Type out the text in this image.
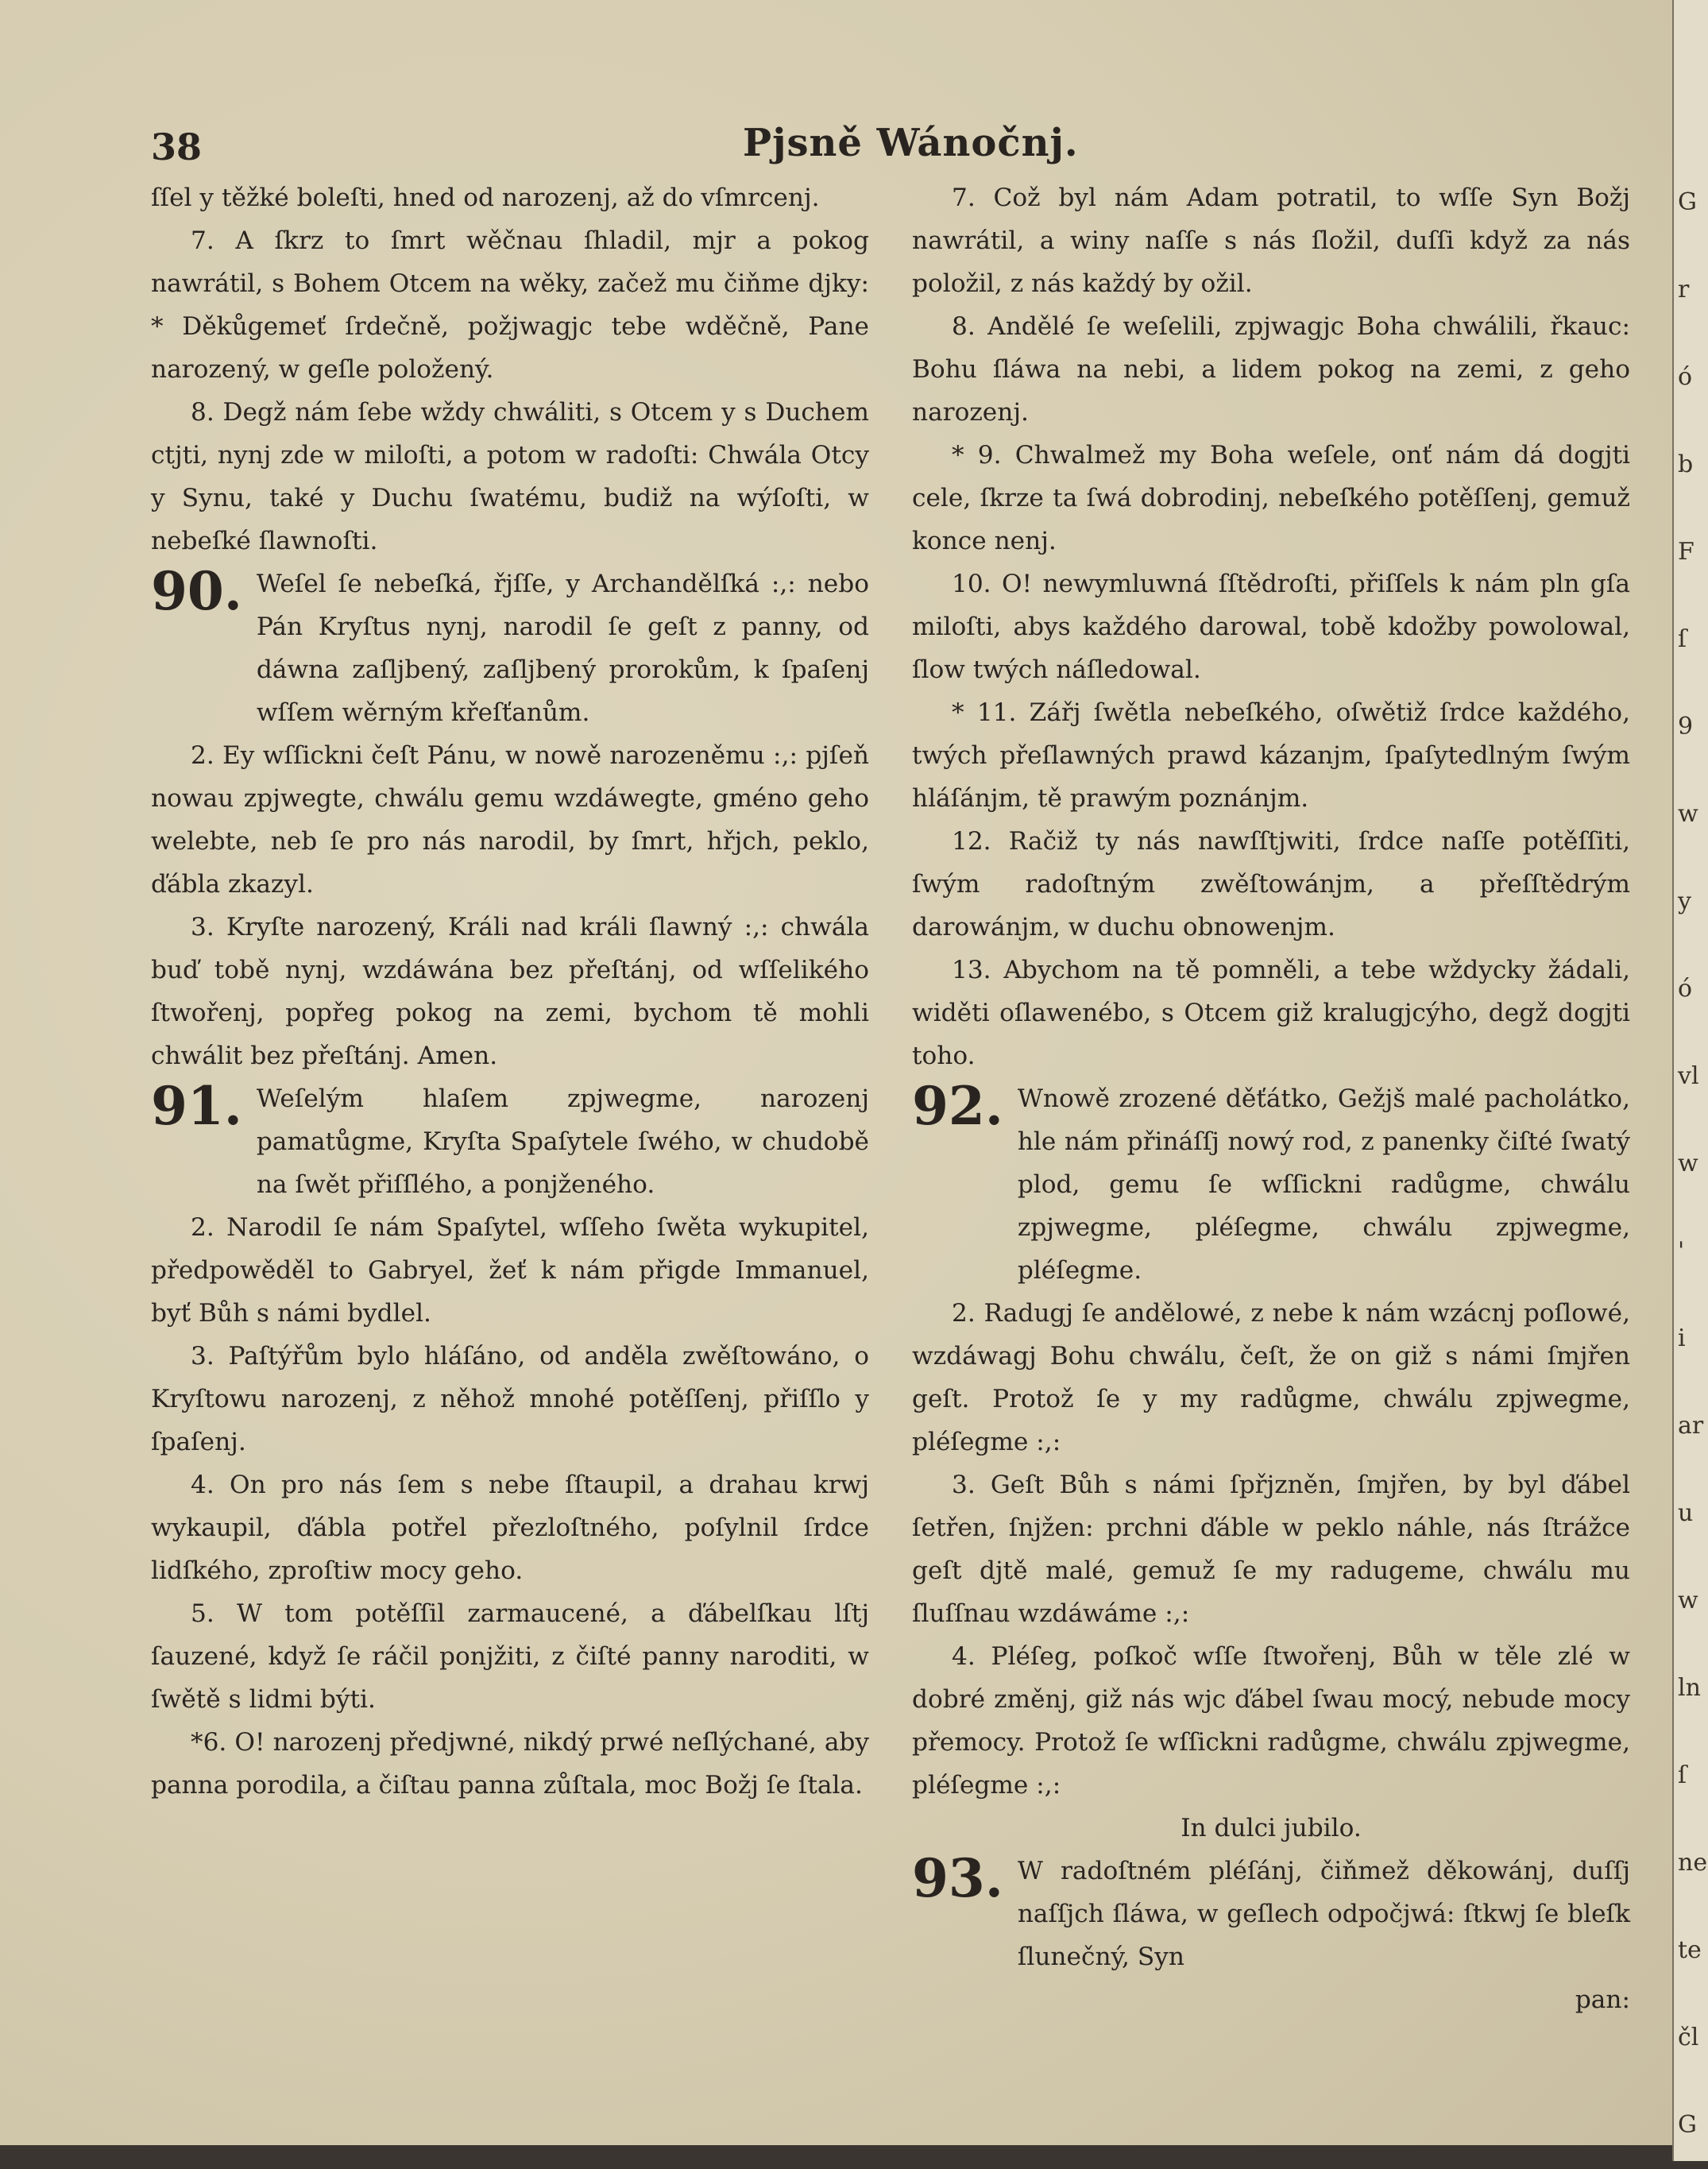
38	Pjsně Wánočnj.

ſſel y těžké boleſti, hned od narozenj, až do vſmrcenj.

7. A ſkrz to ſmrt wěčnau ſhladil, mjr a pokog nawrátil, s Bohem Otcem na wěky, začež mu čiňme djky: * Děkůgemeť ſrdečně, požjwagjc tebe wděčně, Pane narozený, w geſle položený.

8. Degž nám ſebe wždy chwáliti, s Otcem y s Duchem ctjti, nynj zde w miloſti, a potom w radoſti: Chwála Otcy y Synu, také y Duchu ſwatému, budiž na wýſoſti, w nebeſké ſlawnoſti.

90. Weſel ſe nebeſká, řjſſe, y Archandělſká :,: nebo Pán Kryſtus nynj, narodil ſe geſt z panny, od dáwna zaſljbený, zaſljbený prorokům, k ſpaſenj wſſem wěrným křeſťanům.

2. Ey wſſickni čeſt Pánu, w nowě narozeněmu :,: pjſeň nowau zpjwegte, chwálu gemu wzdáwegte, gméno geho welebte, neb ſe pro nás narodil, by ſmrt, hřjch, peklo, ďábla zkazyl.

3. Kryſte narozený, Králi nad králi ſlawný :,: chwála buď tobě nynj, wzdáwána bez přeſtánj, od wſſelikého ſtwořenj, popřeg pokog na zemi, bychom tě mohli chwálit bez přeſtánj. Amen.

91. Weſelým hlaſem zpjwegme, narozenj pamatůgme, Kryſta Spaſytele ſwého, w chudobě na ſwět přiſſlého, a ponjženého.

2. Narodil ſe nám Spaſytel, wſſeho ſwěta wykupitel, předpowěděl to Gabryel, žeť k nám přigde Immanuel, byť Bůh s námi bydlel.

3. Paſtýřům bylo hláſáno, od anděla zwěſtowáno, o Kryſtowu narozenj, z něhož mnohé potěſſenj, přiſſlo y ſpaſenj.

4. On pro nás ſem s nebe ſſtaupil, a drahau krwj wykaupil, ďábla potřel přezloſtného, poſylnil ſrdce lidſkého, zproſtiw mocy geho.

5. W tom potěſſil zarmaucené, a ďábelſkau lſtj ſauzené, když ſe ráčil ponjžiti, z čiſté panny naroditi, w ſwětě s lidmi býti.

*6. O! narozenj předjwné, nikdý prwé neſlýchané, aby panna porodila, a čiſtau panna zůſtala, moc Božj ſe ſtala.

7. Což byl nám Adam potratil, to wſſe Syn Božj nawrátil, a winy naſſe s nás ſložil, duſſi když za nás položil, z nás každý by ožil.

8. Andělé ſe weſelili, zpjwagjc Boha chwálili, řkauc: Bohu ſláwa na nebi, a lidem pokog na zemi, z geho narozenj.

* 9. Chwalmež my Boha weſele, onť nám dá dogjti cele, ſkrze ta ſwá dobrodinj, nebeſkého potěſſenj, gemuž konce nenj.

10. O! newymluwná ſſtědroſti, přiſſels k nám pln gſa miloſti, abys každého darowal, tobě kdožby powolowal, ſlow twých náſledowal.

* 11. Zářj ſwětla nebeſkého, oſwětiž ſrdce každého, twých přeſlawných prawd kázanjm, ſpaſytedlným ſwým hláſánjm, tě prawým poznánjm.

12. Račiž ty nás nawſſtjwiti, ſrdce naſſe potěſſiti, ſwým radoſtným zwěſtowánjm, a přeſſtědrým darowánjm, w duchu obnowenjm.

13. Abychom na tě pomněli, a tebe wždycky žádali, widěti oſlawenébo, s Otcem giž kralugjcýho, degž dogjti toho.

92. Wnowě zrozené děťátko, Gežjš malé pacholátko, hle nám přináſſj nowý rod, z panenky čiſté ſwatý plod, gemu ſe wſſickni radůgme, chwálu zpjwegme, pléſegme, chwálu zpjwegme, pléſegme.

2. Radugj ſe andělowé, z nebe k nám wzácnj poſlowé, wzdáwagj Bohu chwálu, čeſt, že on giž s námi ſmjřen geſt. Protož ſe y my radůgme, chwálu zpjwegme, pléſegme :,:

3. Geſt Bůh s námi ſpřjzněn, ſmjřen, by byl ďábel ſetřen, ſnjžen: prchni ďáble w peklo náhle, nás ſtrážce geſt djtě malé, gemuž ſe my radugeme, chwálu mu ſluſſnau wzdáwáme :,:

4. Pléſeg, poſkoč wſſe ſtwořenj, Bůh w těle zlé w dobré změnj, giž nás wjc ďábel ſwau mocý, nebude mocy přemocy. Protož ſe wſſickni radůgme, chwálu zpjwegme, pléſegme :,:

In dulci jubilo.

93. W radoſtném pléſánj, čiňmež děkowánj, duſſj naſſjch ſláwa, w geſlech odpočjwá: ſtkwj ſe bleſk ſlunečný, Syn

pan:

G
r
ó
b
F
ſ
9
w
y
ó
vl
w
'
i
ar
u
w
ln
ſ
ne
te
čl
G
